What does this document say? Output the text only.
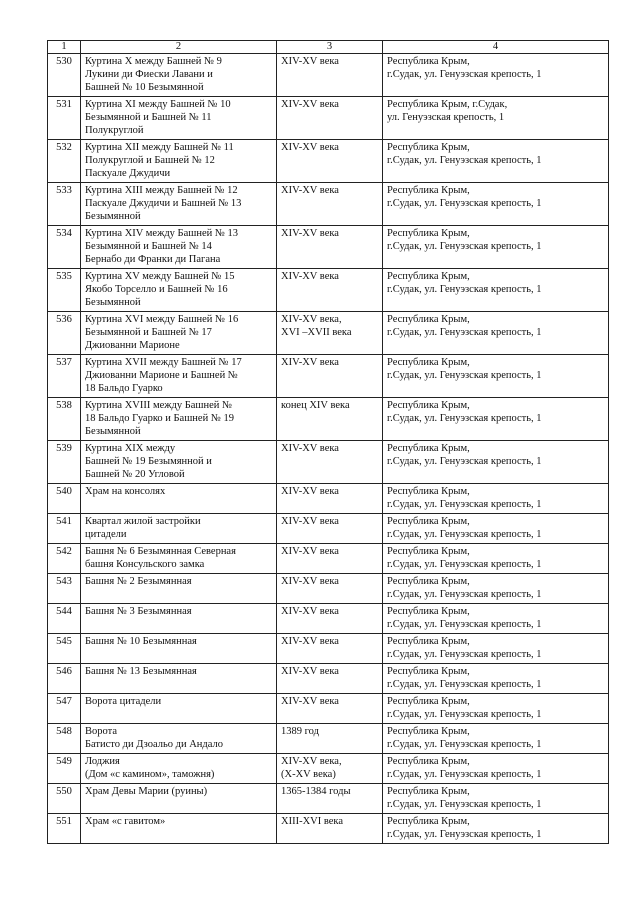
1	2	3	4
530	Куртина X между Башней № 9
Лукини ди Фиески Лавани и
Башней № 10 Безымянной	XIV-XV века	Республика Крым,
г.Судак, ул. Генуэзская крепость, 1

531	Куртина XI между Башней № 10
Безымянной и Башней № 11
Полукруглой	XIV-XV века	Республика Крым, г.Судак,
ул. Генуэзская крепость, 1

532	Куртина XII между Башней № 11
Полукруглой и Башней № 12
Паскуале Джудичи	XIV-XV века	Республика Крым,
г.Судак, ул. Генуэзская крепость, 1

533	Куртина XIII между Башней № 12
Паскуале Джудичи и Башней № 13
Безымянной	XIV-XV века	Республика Крым,
г.Судак, ул. Генуэзская крепость, 1

534	Куртина XIV между Башней № 13
Безымянной и Башней № 14
Бернабо ди Франки ди Пагана	XIV-XV века	Республика Крым,
г.Судак, ул. Генуэзская крепость, 1

535	Куртина XV между Башней № 15
Якобо Торселло и Башней № 16
Безымянной	XIV-XV века	Республика Крым,
г.Судак, ул. Генуэзская крепость, 1

536	Куртина XVI между Башней № 16
Безымянной и Башней № 17
Джиованни Марионе	XIV-XV века,
XVI –XVII века	Республика Крым,
г.Судак, ул. Генуэзская крепость, 1

537	Куртина XVII между Башней № 17
Джиованни Марионе и Башней №
18 Бальдо Гуарко	XIV-XV века	Республика Крым,
г.Судак, ул. Генуэзская крепость, 1

538	Куртина XVIII между Башней №
18 Бальдо Гуарко и Башней № 19
Безымянной	конец XIV века	Республика Крым,
г.Судак, ул. Генуэзская крепость, 1

539	Куртина XIX между
Башней № 19 Безымянной и
Башней № 20 Угловой	XIV-XV века	Республика Крым,
г.Судак, ул. Генуэзская крепость, 1

540	Храм на консолях	XIV-XV века	Республика Крым,
г.Судак, ул. Генуэзская крепость, 1

541	Квартал жилой застройки
цитадели	XIV-XV века	Республика Крым,
г.Судак, ул. Генуэзская крепость, 1

542	Башня № 6 Безымянная Северная
башня Консульского замка	XIV-XV века	Республика Крым,
г.Судак, ул. Генуэзская крепость, 1

543	Башня № 2 Безымянная	XIV-XV века	Республика Крым,
г.Судак, ул. Генуэзская крепость, 1

544	Башня № 3 Безымянная	XIV-XV века	Республика Крым,
г.Судак, ул. Генуэзская крепость, 1

545	Башня № 10 Безымянная	XIV-XV века	Республика Крым,
г.Судак, ул. Генуэзская крепость, 1

546	Башня № 13 Безымянная	XIV-XV века	Республика Крым,
г.Судак, ул. Генуэзская крепость, 1

547	Ворота цитадели	XIV-XV века	Республика Крым,
г.Судак, ул. Генуэзская крепость, 1

548	Ворота
Батисто ди Дзоальо ди Андало	1389 год	Республика Крым,
г.Судак, ул. Генуэзская крепость, 1

549	Лоджия
(Дом «с камином», таможня)	XIV-XV века,
(X-XV века)	Республика Крым,
г.Судак, ул. Генуэзская крепость, 1

550	Храм Девы Марии (руины)	1365-1384 годы	Республика Крым,
г.Судак, ул. Генуэзская крепость, 1

551	Храм «с гавитом»	XIII-XVI века	Республика Крым,
г.Судак, ул. Генуэзская крепость, 1
